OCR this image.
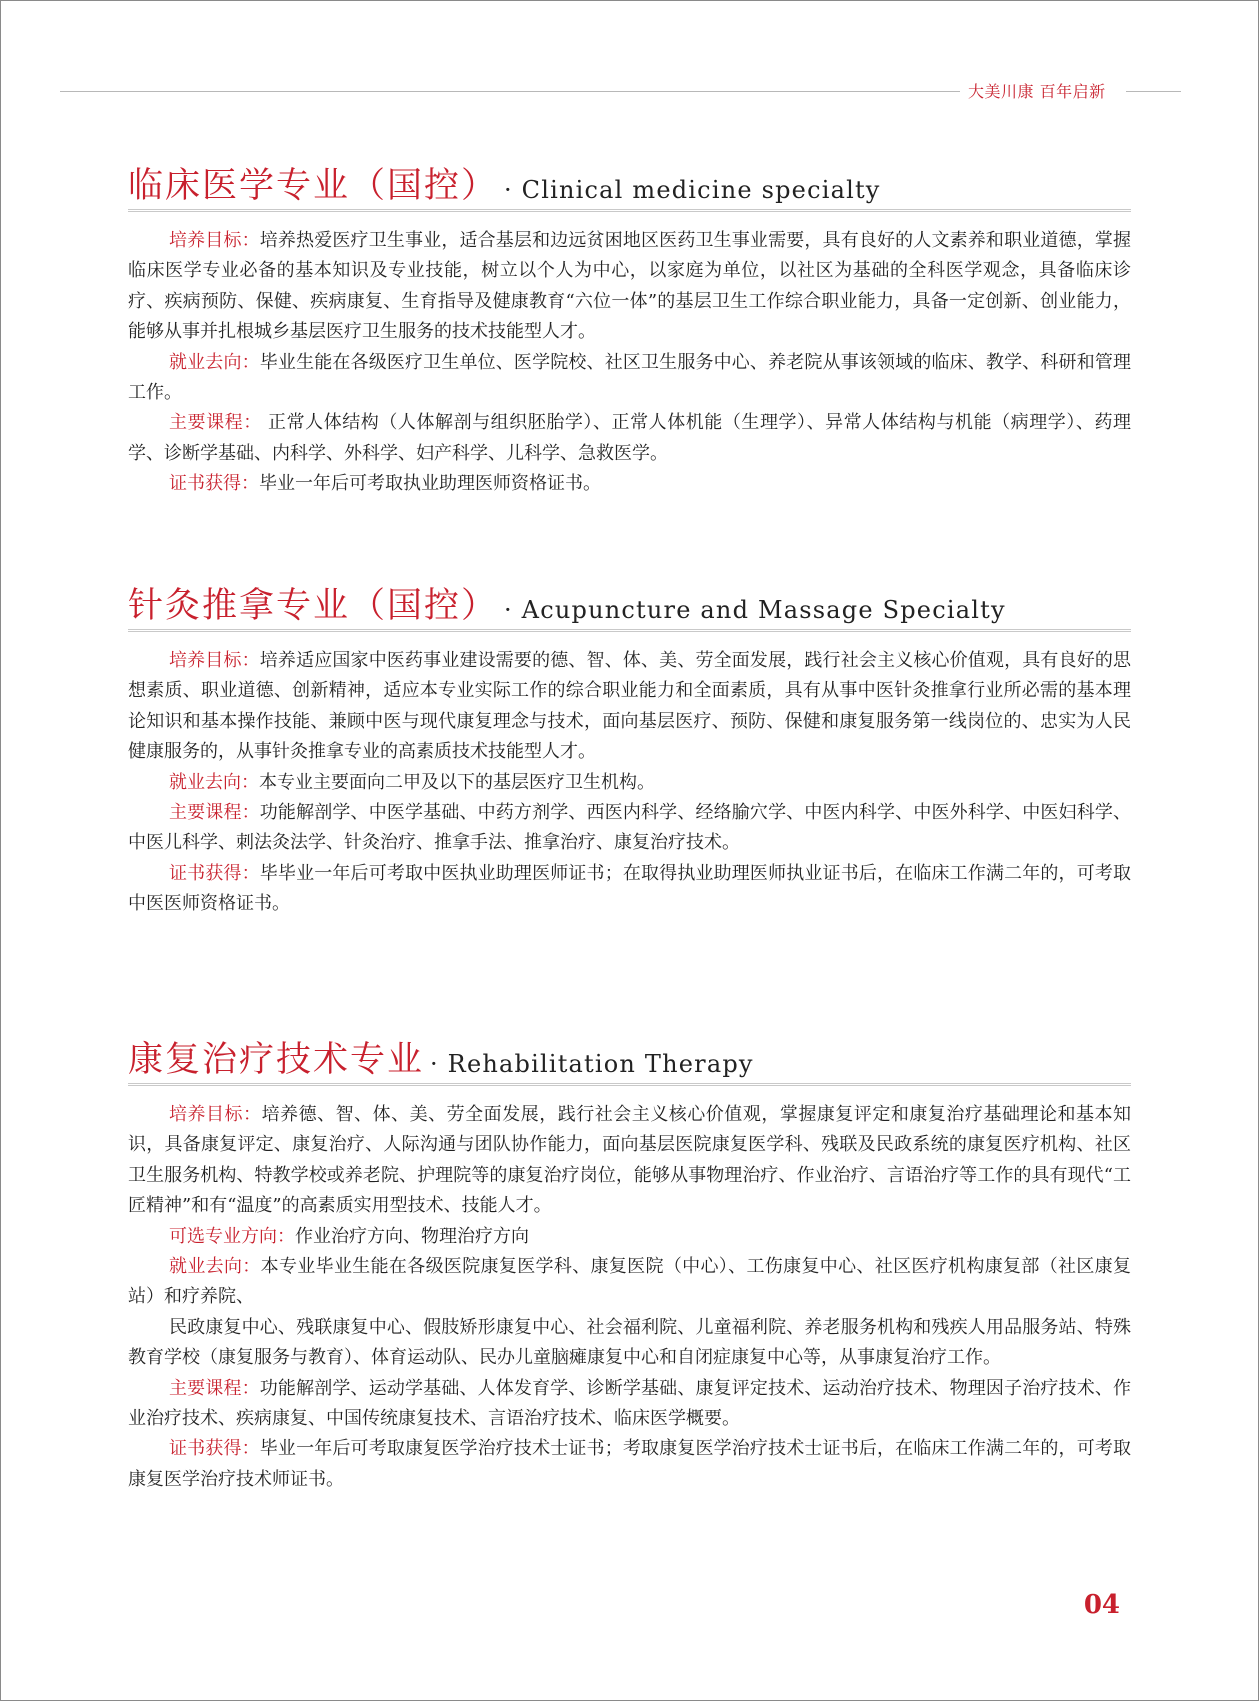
大美川康 百年启新
临床医学专业（国控） · Clinical medicine specialty

培养目标：培养热爱医疗卫生事业，适合基层和边远贫困地区医药卫生事业需要，具有良好的人文素养和职业道德，掌握临床医学专业必备的基本知识及专业技能，树立以个人为中心，以家庭为单位，以社区为基础的全科医学观念，具备临床诊疗、疾病预防、保健、疾病康复、生育指导及健康教育“六位一体”的基层卫生工作综合职业能力，具备一定创新、创业能力，能够从事并扎根城乡基层医疗卫生服务的技术技能型人才。

就业去向：毕业生能在各级医疗卫生单位、医学院校、社区卫生服务中心、养老院从事该领域的临床、教学、科研和管理工作。

主要课程： 正常人体结构（人体解剖与组织胚胎学）、正常人体机能（生理学）、异常人体结构与机能（病理学）、药理学、诊断学基础、内科学、外科学、妇产科学、儿科学、急救医学。

证书获得：毕业一年后可考取执业助理医师资格证书。

针灸推拿专业（国控） · Acupuncture and Massage Specialty

培养目标：培养适应国家中医药事业建设需要的德、智、体、美、劳全面发展，践行社会主义核心价值观，具有良好的思想素质、职业道德、创新精神，适应本专业实际工作的综合职业能力和全面素质，具有从事中医针灸推拿行业所必需的基本理论知识和基本操作技能、兼顾中医与现代康复理念与技术，面向基层医疗、预防、保健和康复服务第一线岗位的、忠实为人民健康服务的，从事针灸推拿专业的高素质技术技能型人才。

就业去向：本专业主要面向二甲及以下的基层医疗卫生机构。

主要课程：功能解剖学、中医学基础、中药方剂学、西医内科学、经络腧穴学、中医内科学、中医外科学、中医妇科学、中医儿科学、刺法灸法学、针灸治疗、推拿手法、推拿治疗、康复治疗技术。

证书获得：毕毕业一年后可考取中医执业助理医师证书；在取得执业助理医师执业证书后，在临床工作满二年的，可考取中医医师资格证书。

康复治疗技术专业 · Rehabilitation Therapy

培养目标：培养德、智、体、美、劳全面发展，践行社会主义核心价值观，掌握康复评定和康复治疗基础理论和基本知识，具备康复评定、康复治疗、人际沟通与团队协作能力，面向基层医院康复医学科、残联及民政系统的康复医疗机构、社区卫生服务机构、特教学校或养老院、护理院等的康复治疗岗位，能够从事物理治疗、作业治疗、言语治疗等工作的具有现代“工匠精神”和有“温度”的高素质实用型技术、技能人才。

可选专业方向：作业治疗方向、物理治疗方向

就业去向：本专业毕业生能在各级医院康复医学科、康复医院（中心）、工伤康复中心、社区医疗机构康复部（社区康复站）和疗养院、

民政康复中心、残联康复中心、假肢矫形康复中心、社会福利院、儿童福利院、养老服务机构和残疾人用品服务站、特殊教育学校（康复服务与教育）、体育运动队、民办儿童脑瘫康复中心和自闭症康复中心等，从事康复治疗工作。

主要课程：功能解剖学、运动学基础、人体发育学、诊断学基础、康复评定技术、运动治疗技术、物理因子治疗技术、作业治疗技术、疾病康复、中国传统康复技术、言语治疗技术、临床医学概要。

证书获得：毕业一年后可考取康复医学治疗技术士证书；考取康复医学治疗技术士证书后，在临床工作满二年的，可考取康复医学治疗技术师证书。

04
